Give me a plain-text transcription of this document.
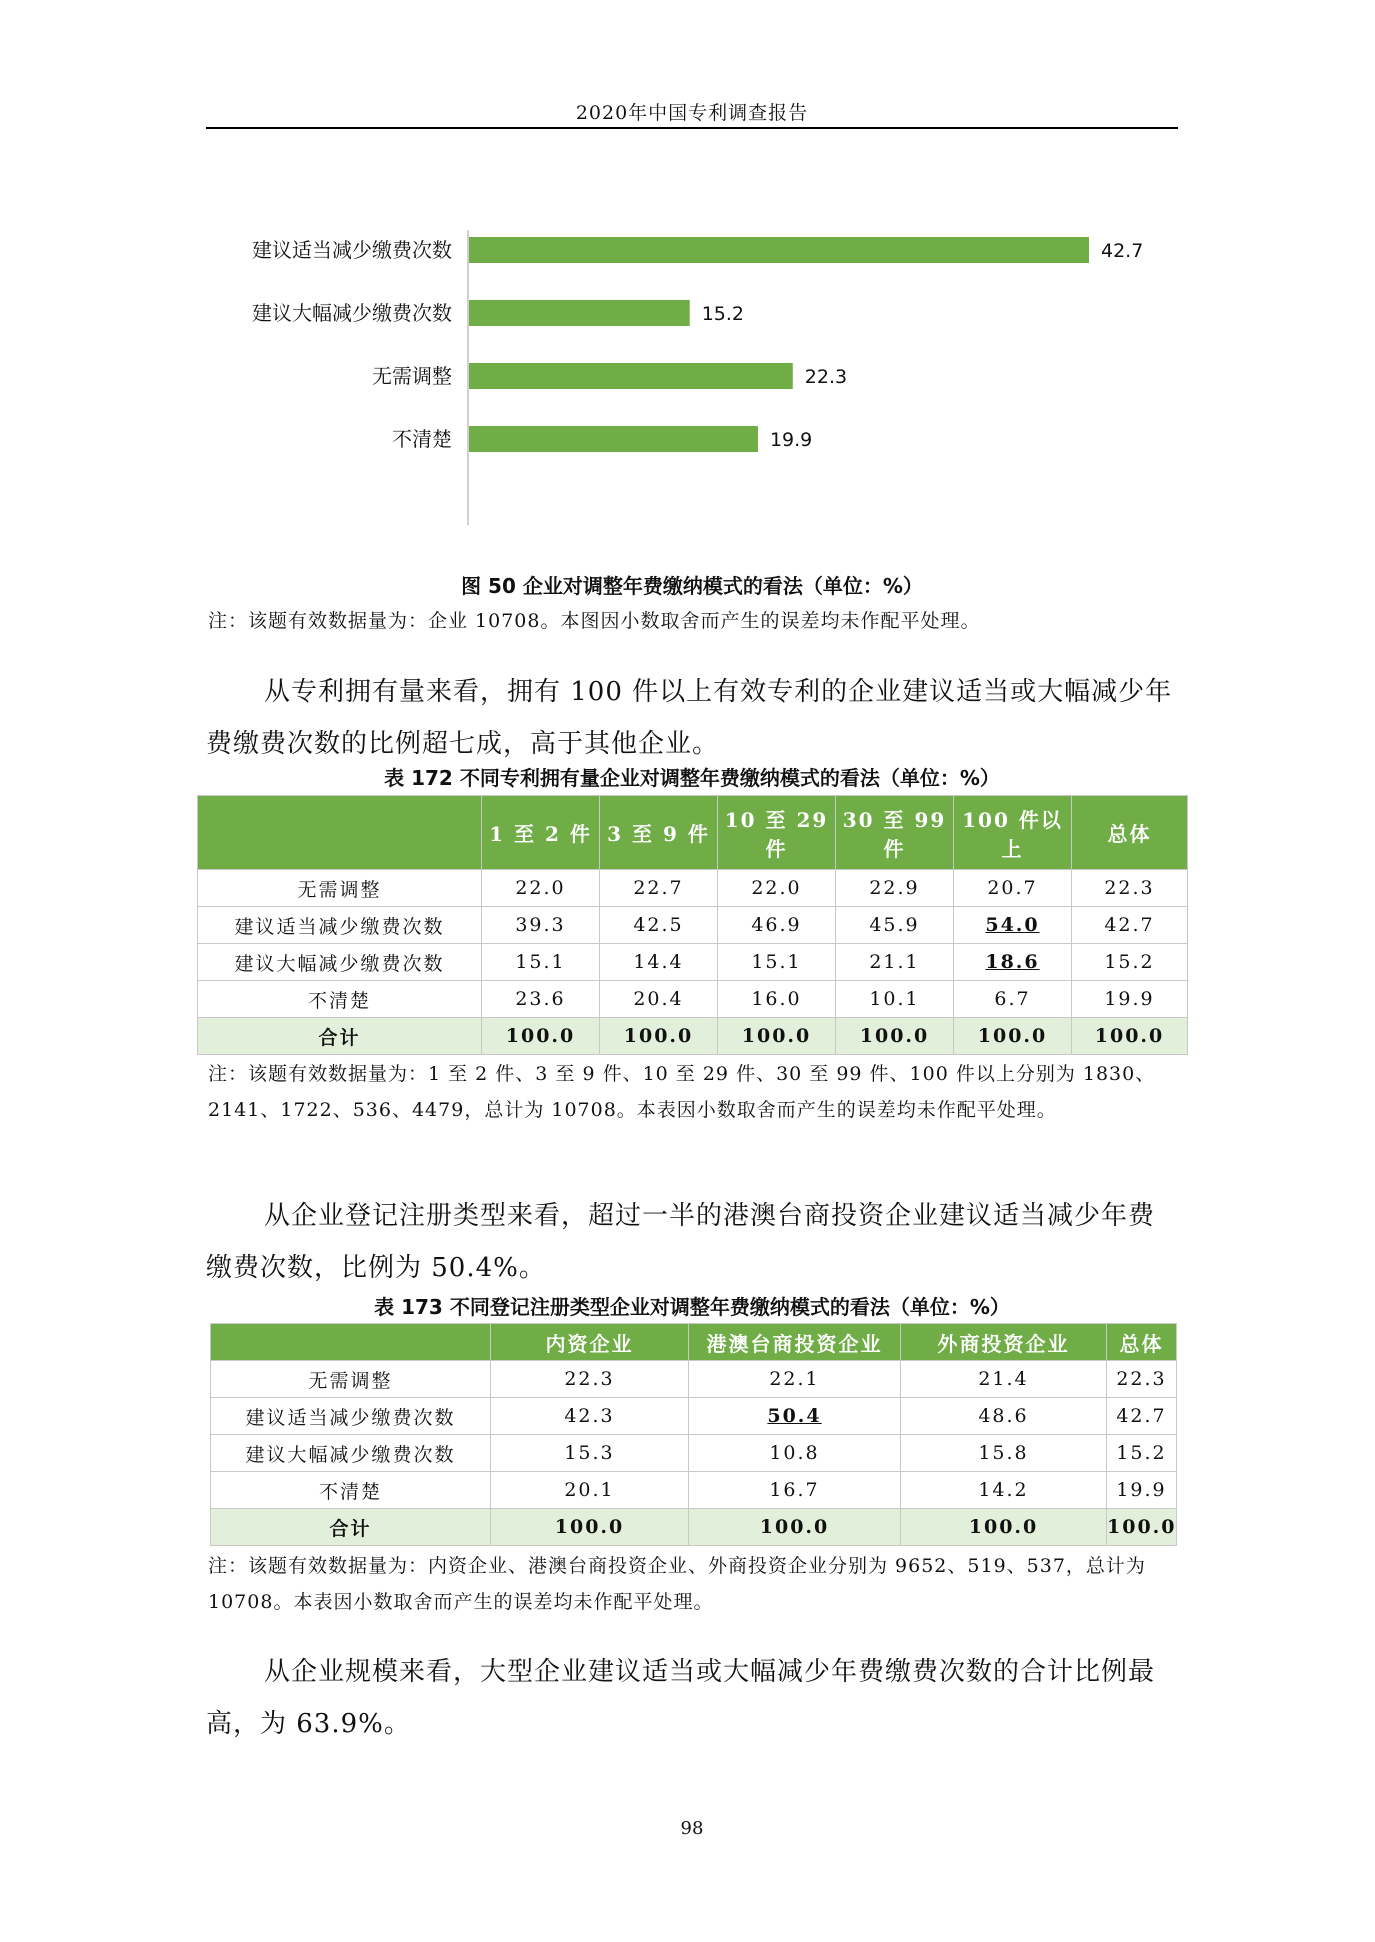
2020年中国专利调查报告
建议适当减少缴费次数	42.7
建议大幅减少缴费次数	15.2
无需调整	22.3
不清楚	19.9
图 50 企业对调整年费缴纳模式的看法（单位：%）
注：该题有效数据量为：企业 10708。本图因小数取舍而产生的误差均未作配平处理。
从专利拥有量来看，拥有 100 件以上有效专利的企业建议适当或大幅减少年费缴费次数的比例超七成，高于其他企业。
表 172 不同专利拥有量企业对调整年费缴纳模式的看法（单位：%）
	1 至 2 件	3 至 9 件	10 至 29 件	30 至 99 件	100 件以上	总体
无需调整	22.0	22.7	22.0	22.9	20.7	22.3
建议适当减少缴费次数	39.3	42.5	46.9	45.9	54.0	42.7
建议大幅减少缴费次数	15.1	14.4	15.1	21.1	18.6	15.2
不清楚	23.6	20.4	16.0	10.1	6.7	19.9
合计	100.0	100.0	100.0	100.0	100.0	100.0
注：该题有效数据量为：1 至 2 件、3 至 9 件、10 至 29 件、30 至 99 件、100 件以上分别为 1830、2141、1722、536、4479，总计为 10708。本表因小数取舍而产生的误差均未作配平处理。
从企业登记注册类型来看，超过一半的港澳台商投资企业建议适当减少年费缴费次数，比例为 50.4%。
表 173 不同登记注册类型企业对调整年费缴纳模式的看法（单位：%）
	内资企业	港澳台商投资企业	外商投资企业	总体
无需调整	22.3	22.1	21.4	22.3
建议适当减少缴费次数	42.3	50.4	48.6	42.7
建议大幅减少缴费次数	15.3	10.8	15.8	15.2
不清楚	20.1	16.7	14.2	19.9
合计	100.0	100.0	100.0	100.0
注：该题有效数据量为：内资企业、港澳台商投资企业、外商投资企业分别为 9652、519、537，总计为 10708。本表因小数取舍而产生的误差均未作配平处理。
从企业规模来看，大型企业建议适当或大幅减少年费缴费次数的合计比例最高，为 63.9%。
98
